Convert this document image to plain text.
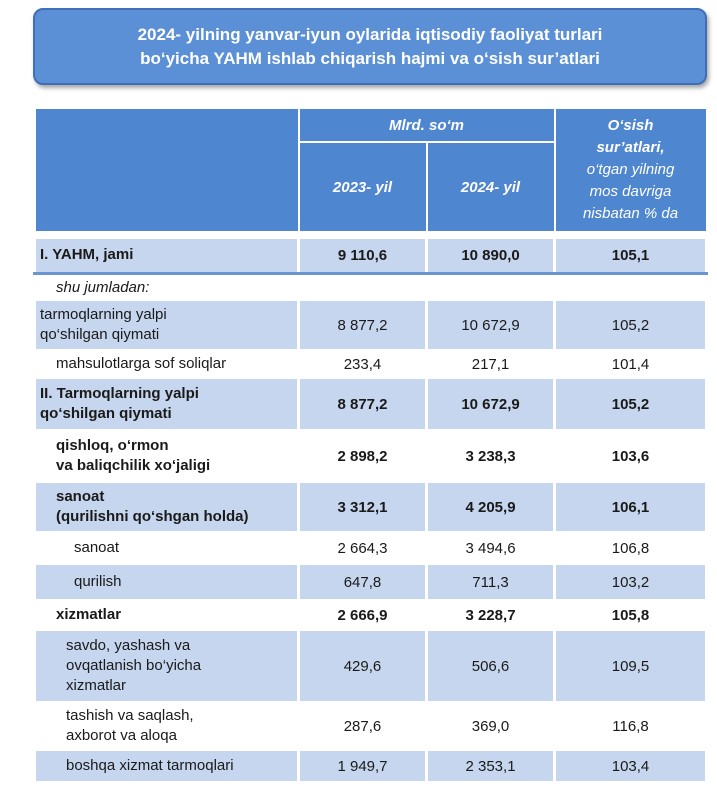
2024- yilning yanvar-iyun oylarida iqtisodiy faoliyat turlari
bo‘yicha YAHM ishlab chiqarish hajmi va o‘sish sur’atlari
	Mlrd. so‘m		O‘sish
sur’atlari,
o‘tgan yilning
mos davriga
nisbatan % da

	2023- yil	2024- yil	

I. YAHM, jami	9 110,6	10 890,0	105,1
shu jumladan:			

tarmoqlarning yalpi
qo‘shilgan qiymati	8 877,2	10 672,9	105,2
mahsulotlarga sof soliqlar	233,4	217,1	101,4

II. Tarmoqlarning yalpi
qo‘shilgan qiymati	8 877,2	10 672,9	105,2

qishloq, o‘rmon
va baliqchilik xo‘jaligi	2 898,2	3 238,3	103,6

sanoat
(qurilishni qo‘shgan holda)	3 312,1	4 205,9	106,1
sanoat	2 664,3	3 494,6	106,8
qurilish	647,8	711,3	103,2
xizmatlar	2 666,9	3 228,7	105,8

savdo, yashash va
ovqatlanish bo‘yicha
xizmatlar	429,6	506,6	109,5

tashish va saqlash,
axborot va aloqa	287,6	369,0	116,8
boshqa xizmat tarmoqlari	1 949,7	2 353,1	103,4
